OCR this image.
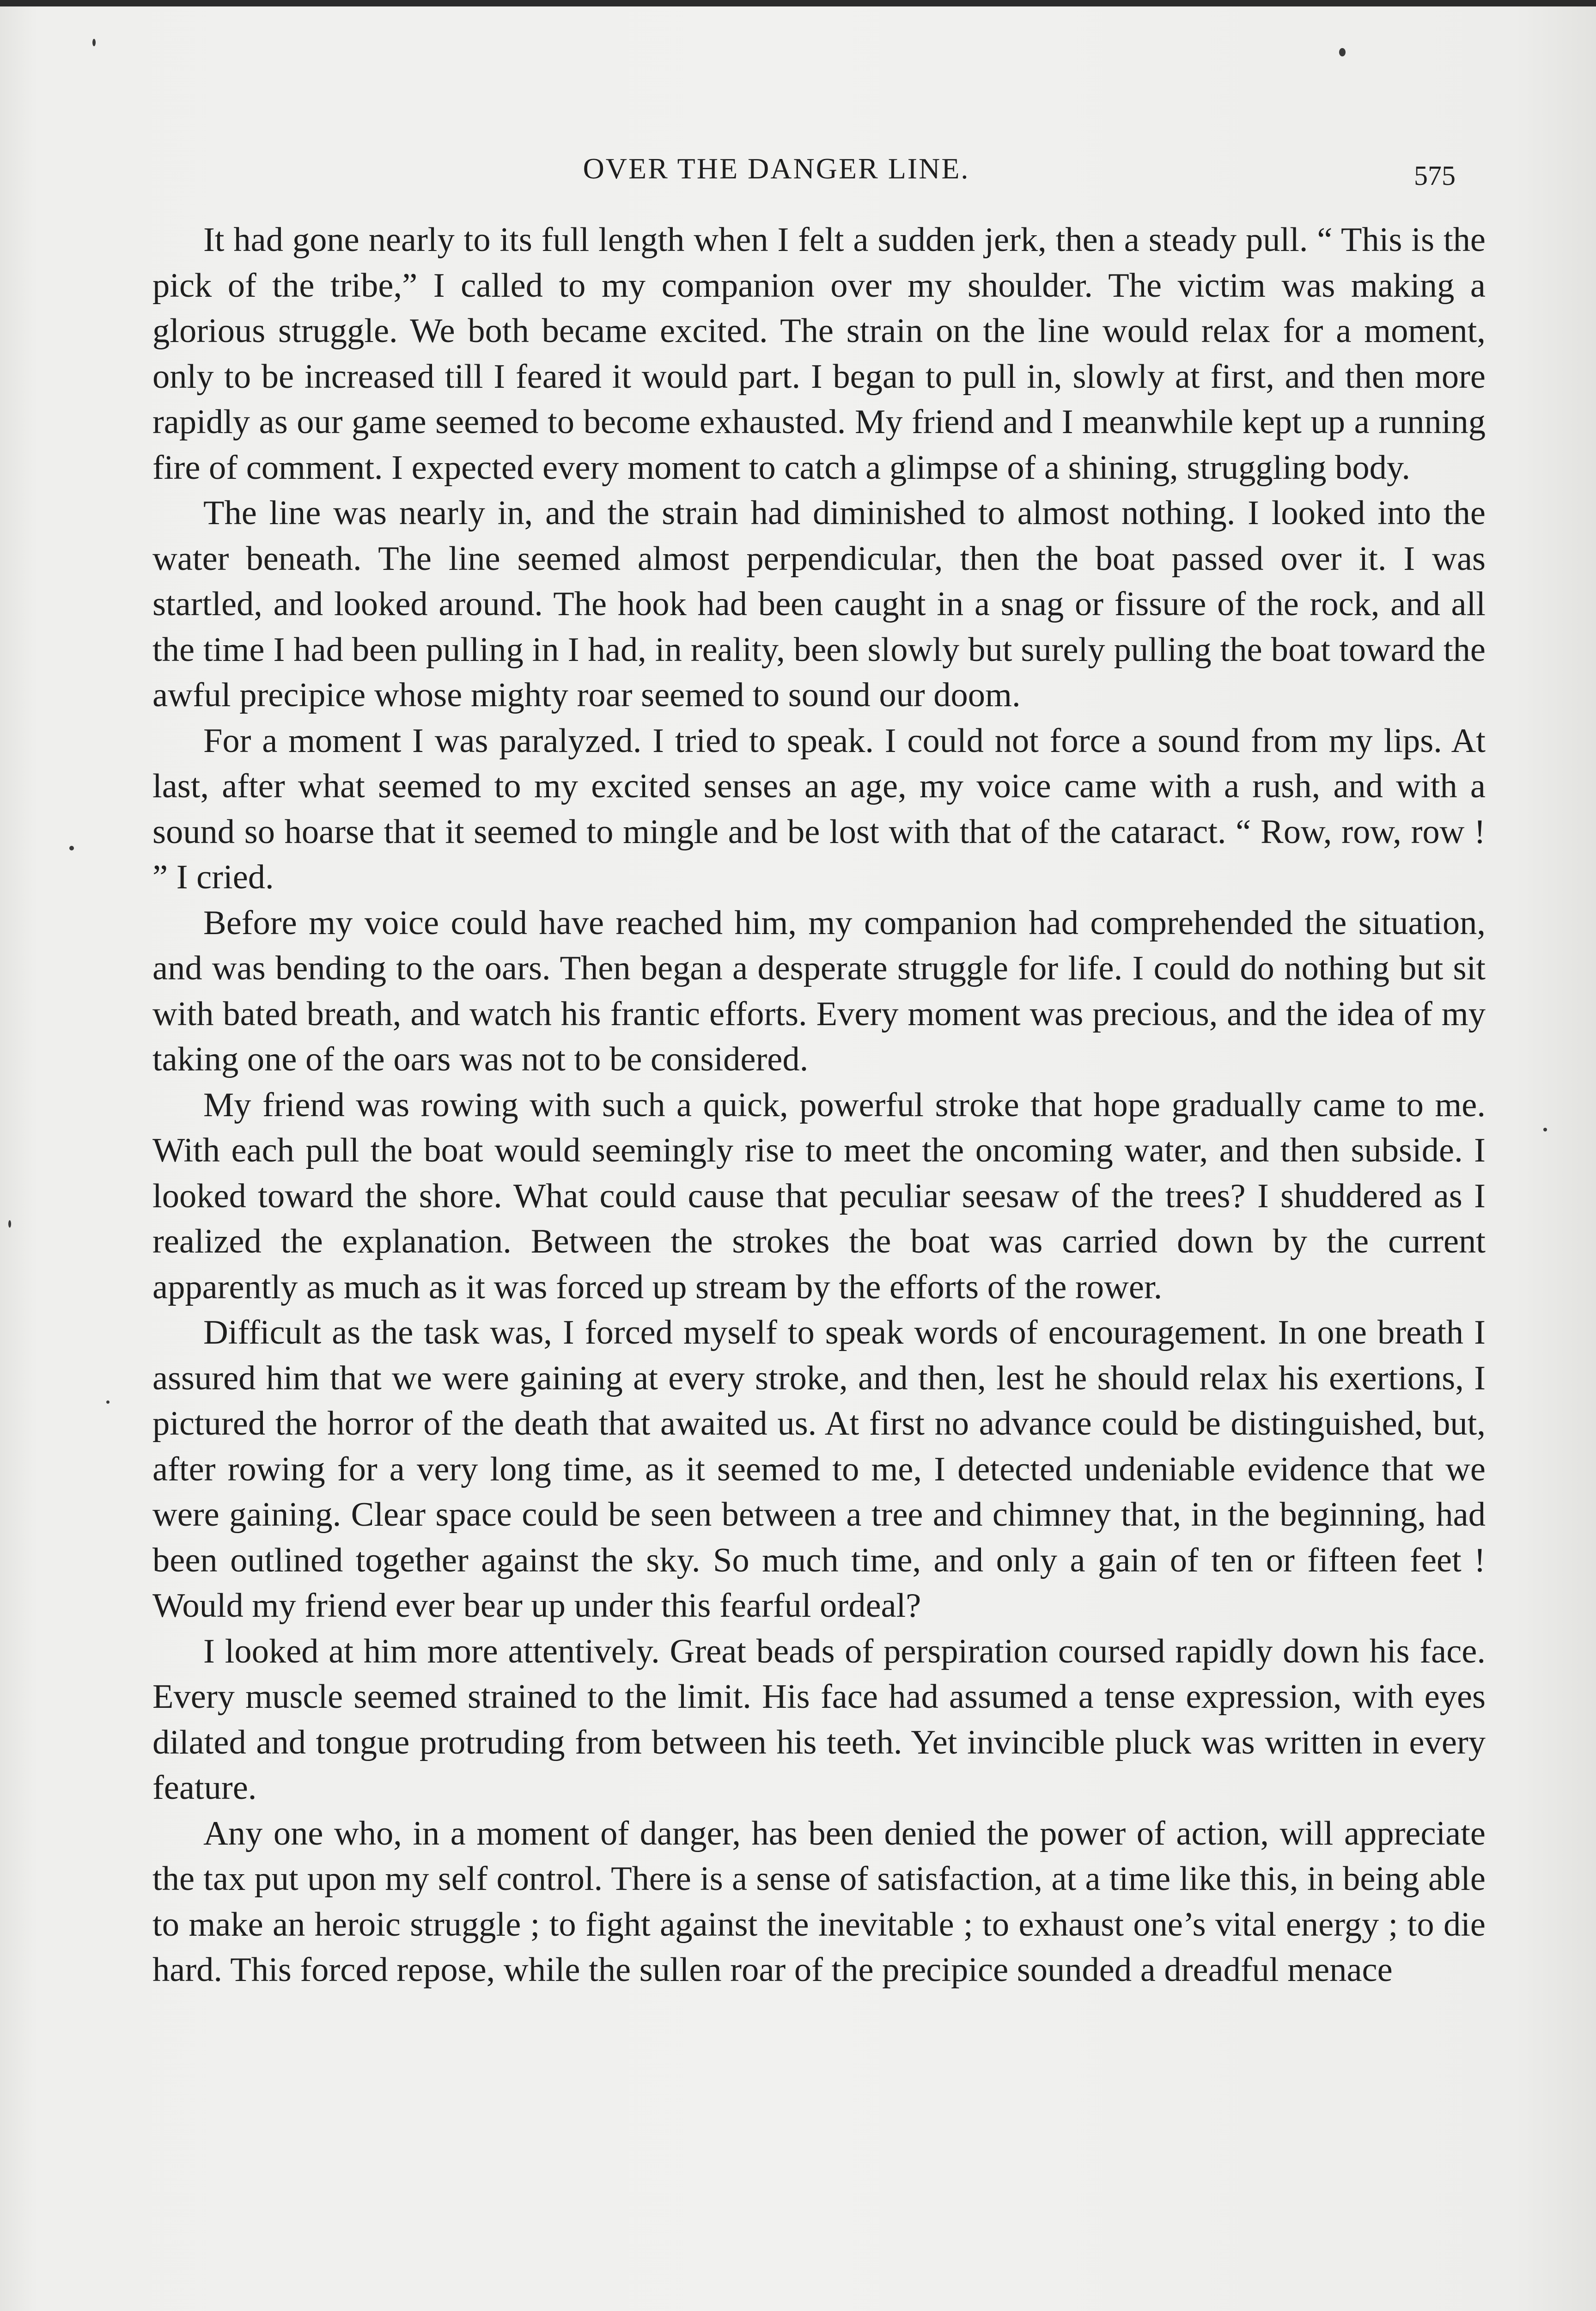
OVER THE DANGER LINE.	575

It had gone nearly to its full length when I felt a sudden jerk, then a steady pull. “ This is the pick of the tribe,” I called to my companion over my shoulder. The victim was making a glorious struggle. We both became excited. The strain on the line would relax for a moment, only to be increased till I feared it would part. I began to pull in, slowly at first, and then more rapidly as our game seemed to become exhausted. My friend and I meanwhile kept up a running fire of comment. I expected every moment to catch a glimpse of a shining, struggling body.

The line was nearly in, and the strain had diminished to almost nothing. I looked into the water beneath. The line seemed almost perpendicular, then the boat passed over it. I was startled, and looked around. The hook had been caught in a snag or fissure of the rock, and all the time I had been pulling in I had, in reality, been slowly but surely pulling the boat toward the awful precipice whose mighty roar seemed to sound our doom.

For a moment I was paralyzed. I tried to speak. I could not force a sound from my lips. At last, after what seemed to my excited senses an age, my voice came with a rush, and with a sound so hoarse that it seemed to mingle and be lost with that of the cataract. “ Row, row, row ! ” I cried.

Before my voice could have reached him, my companion had comprehended the situation, and was bending to the oars. Then began a desperate struggle for life. I could do nothing but sit with bated breath, and watch his frantic efforts. Every moment was precious, and the idea of my taking one of the oars was not to be considered.

My friend was rowing with such a quick, powerful stroke that hope gradually came to me. With each pull the boat would seemingly rise to meet the oncoming water, and then subside. I looked toward the shore. What could cause that peculiar seesaw of the trees? I shuddered as I realized the explanation. Between the strokes the boat was carried down by the current apparently as much as it was forced up stream by the efforts of the rower.

Difficult as the task was, I forced myself to speak words of encouragement. In one breath I assured him that we were gaining at every stroke, and then, lest he should relax his exertions, I pictured the horror of the death that awaited us. At first no advance could be distinguished, but, after rowing for a very long time, as it seemed to me, I detected undeniable evidence that we were gaining. Clear space could be seen between a tree and chimney that, in the beginning, had been outlined together against the sky. So much time, and only a gain of ten or fifteen feet ! Would my friend ever bear up under this fearful ordeal?

I looked at him more attentively. Great beads of perspiration coursed rapidly down his face. Every muscle seemed strained to the limit. His face had assumed a tense expression, with eyes dilated and tongue protruding from between his teeth. Yet invincible pluck was written in every feature.

Any one who, in a moment of danger, has been denied the power of action, will appreciate the tax put upon my self control. There is a sense of satisfaction, at a time like this, in being able to make an heroic struggle ; to fight against the inevitable ; to exhaust one’s vital energy ; to die hard. This forced repose, while the sullen roar of the precipice sounded a dreadful menace
